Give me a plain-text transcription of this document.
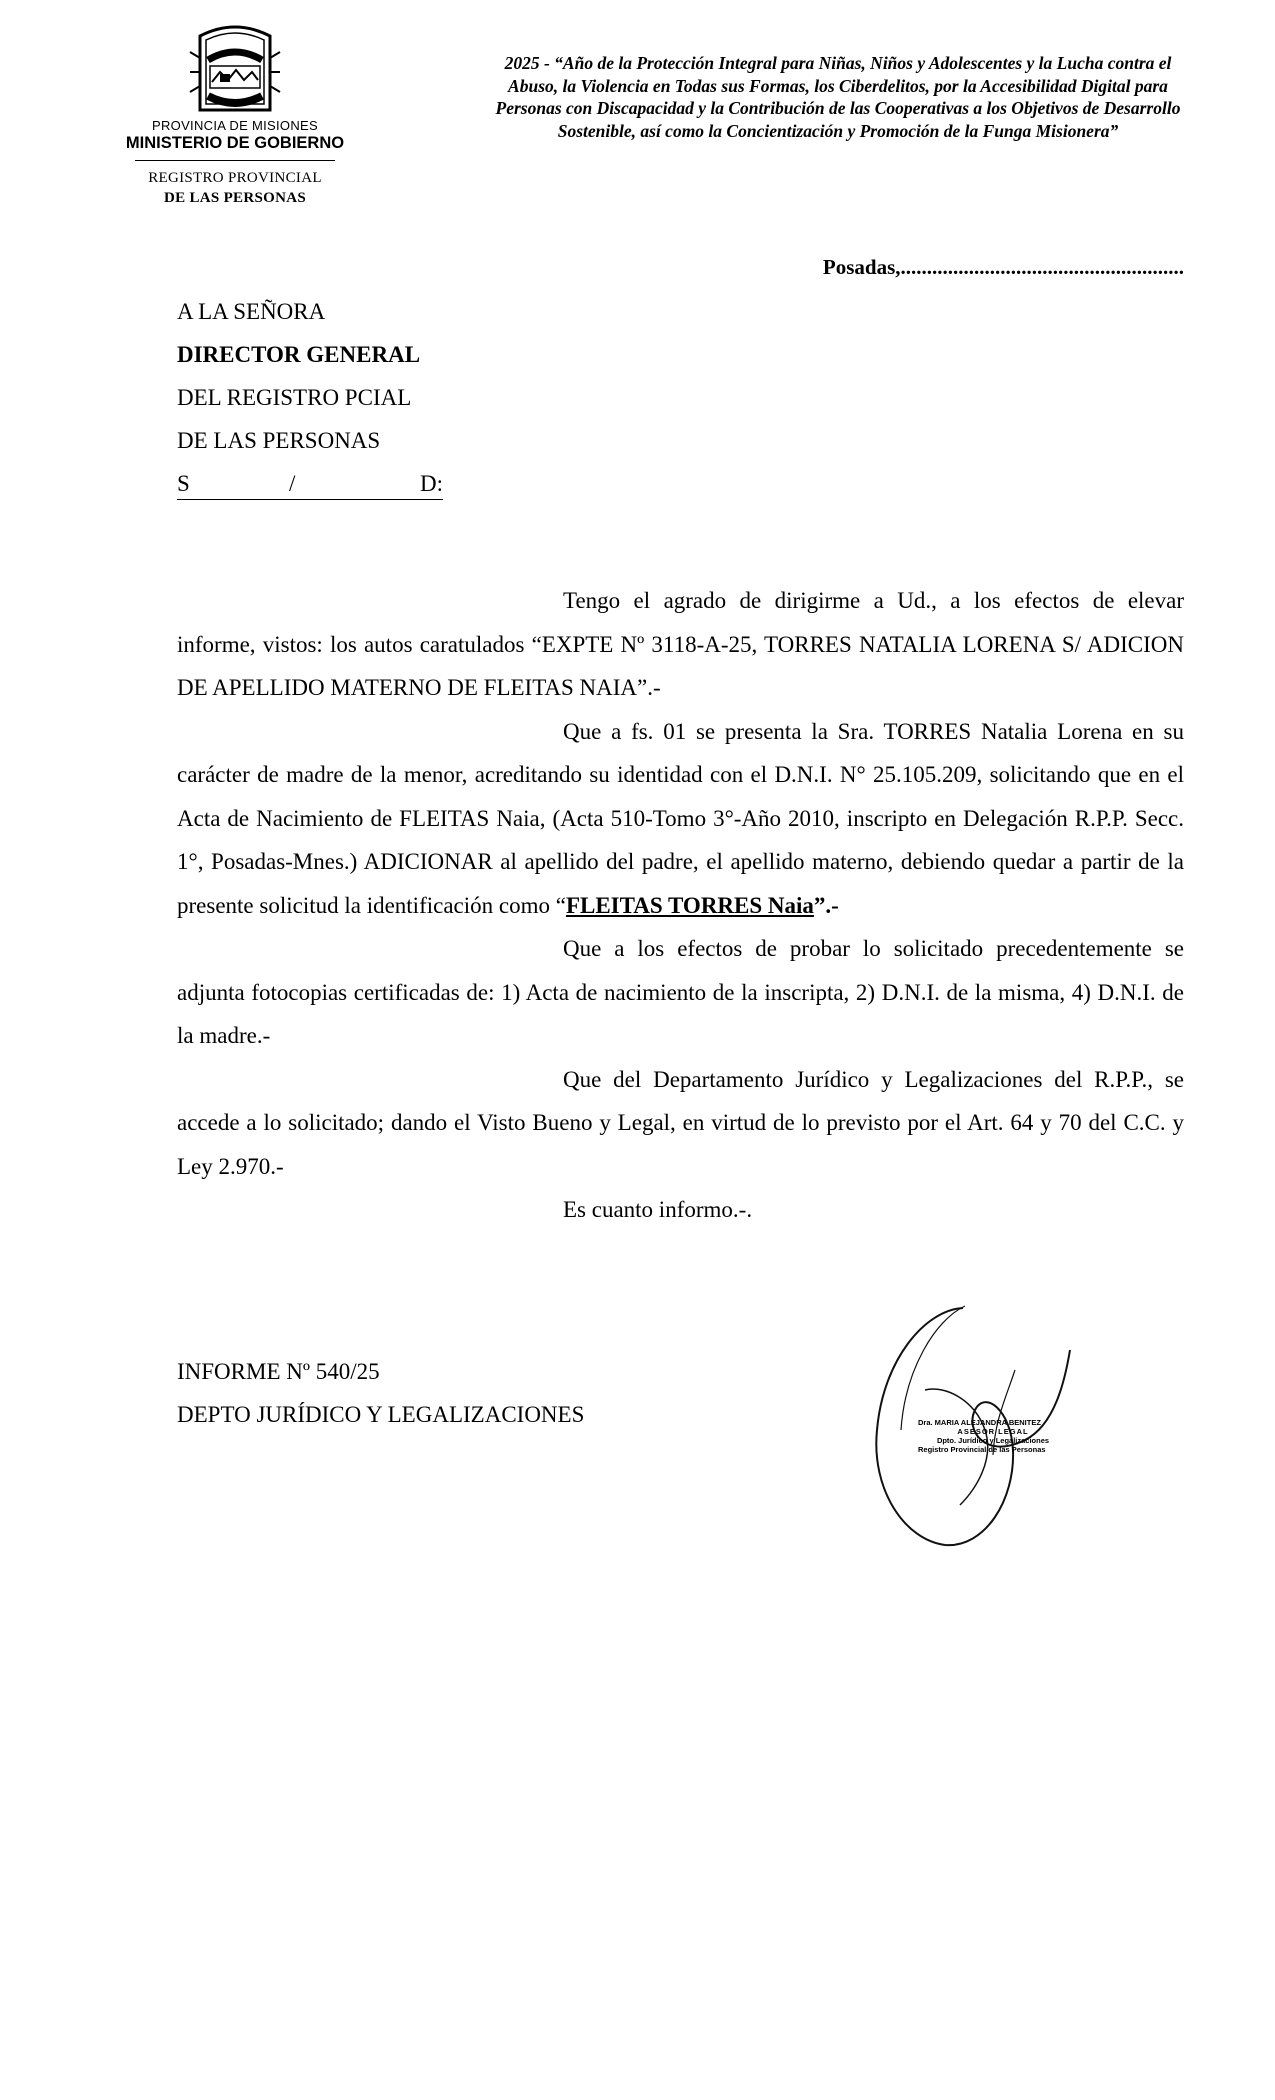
PROVINCIA DE MISIONES
MINISTERIO DE GOBIERNO
REGISTRO PROVINCIAL
DE LAS PERSONAS
2025 - “Año de la Protección Integral para Niñas, Niños y Adolescentes y la Lucha contra el Abuso, la Violencia en Todas sus Formas, los Ciberdelitos, por la Accesibilidad Digital para Personas con Discapacidad y la Contribución de las Cooperativas a los Objetivos de Desarrollo Sostenible, así como la Concientización y Promoción de la Funga Misionera”
Posadas,......................................................
A LA SEÑORA
DIRECTOR GENERAL
DEL REGISTRO PCIAL
DE LAS PERSONAS
S	/	D:

Tengo el agrado de dirigirme a Ud., a los efectos de elevar informe, vistos: los autos caratulados “EXPTE Nº 3118-A-25, TORRES NATALIA LORENA S/ ADICION DE APELLIDO MATERNO DE FLEITAS NAIA”.-

Que a fs. 01 se presenta la Sra. TORRES Natalia Lorena en su carácter de madre de la menor, acreditando su identidad con el D.N.I. N° 25.105.209, solicitando que en el Acta de Nacimiento de FLEITAS Naia, (Acta 510-Tomo 3°-Año 2010, inscripto en Delegación R.P.P. Secc. 1°, Posadas-Mnes.) ADICIONAR al apellido del padre, el apellido materno, debiendo quedar a partir de la presente solicitud la identificación como “FLEITAS TORRES Naia”.-

Que a los efectos de probar lo solicitado precedentemente se adjunta fotocopias certificadas de: 1) Acta de nacimiento de la inscripta, 2) D.N.I. de la misma, 4) D.N.I. de la madre.-

Que del Departamento Jurídico y Legalizaciones del R.P.P., se accede a lo solicitado; dando el Visto Bueno y Legal, en virtud de lo previsto por el Art. 64 y 70 del C.C. y Ley 2.970.-

Es cuanto informo.-.

INFORME Nº 540/25
DEPTO JURÍDICO Y LEGALIZACIONES	Dra. MARIA ALEJANDRA BENITEZ
ASESOR LEGAL
Dpto. Jurídico y Legalizaciones
Registro Provincial de las Personas
